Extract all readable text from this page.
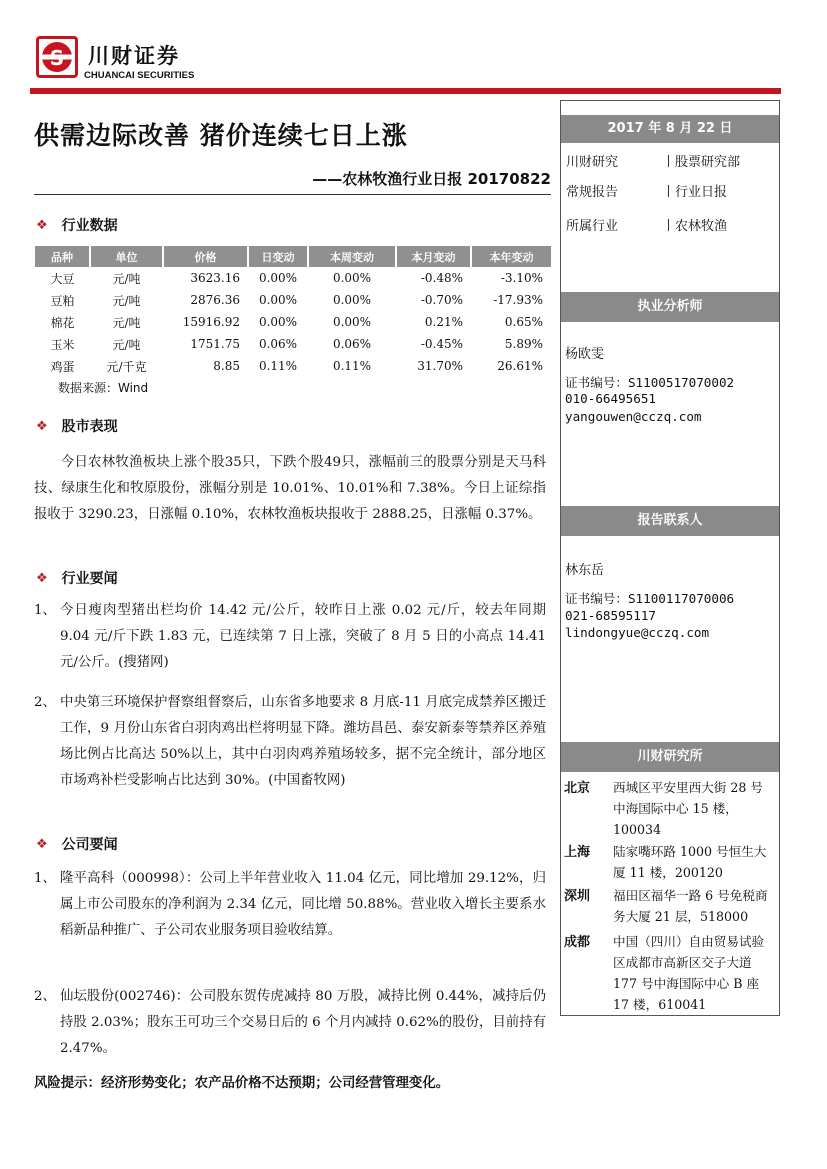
S 川财证券
CHUANCAI SECURITIES
供需边际改善 猪价连续七日上涨
——农林牧渔行业日报 20170822
❖ 行业数据
品种	单位	价格	日变动	本周变动	本月变动	本年变动
大豆	元/吨	3623.16	0.00%	0.00%	-0.48%	-3.10%
豆粕	元/吨	2876.36	0.00%	0.00%	-0.70%	-17.93%
棉花	元/吨	15916.92	0.00%	0.00%	0.21%	0.65%
玉米	元/吨	1751.75	0.06%	0.06%	-0.45%	5.89%
鸡蛋	元/千克	8.85	0.11%	0.11%	31.70%	26.61%
数据来源：Wind
❖ 股市表现
今日农林牧渔板块上涨个股35只，下跌个股49只，涨幅前三的股票分别是天马科技、绿康生化和牧原股份，涨幅分别是 10.01%、10.01%和 7.38%。今日上证综指报收于 3290.23，日涨幅 0.10%，农林牧渔板块报收于 2888.25，日涨幅 0.37%。
❖ 行业要闻
1、 今日瘦肉型猪出栏均价 14.42 元/公斤，较昨日上涨 0.02 元/斤，较去年同期 9.04 元/斤下跌 1.83 元，已连续第 7 日上涨，突破了 8 月 5 日的小高点 14.41 元/公斤。(搜猪网)
2、 中央第三环境保护督察组督察后，山东省多地要求 8 月底-11 月底完成禁养区搬迁工作，9 月份山东省白羽肉鸡出栏将明显下降。潍坊昌邑、泰安新泰等禁养区养殖场比例占比高达 50%以上，其中白羽肉鸡养殖场较多，据不完全统计，部分地区市场鸡补栏受影响占比达到 30%。(中国畜牧网)
❖ 公司要闻
1、 隆平高科（000998）：公司上半年营业收入 11.04 亿元，同比增加 29.12%，归属上市公司股东的净利润为 2.34 亿元，同比增 50.88%。营业收入增长主要系水稻新品种推广、子公司农业服务项目验收结算。
2、 仙坛股份(002746)：公司股东贺传虎减持 80 万股，减持比例 0.44%，减持后仍持股 2.03%；股东王可功三个交易日后的 6 个月内减持 0.62%的股份，目前持有 2.47%。
风险提示：经济形势变化；农产品价格不达预期；公司经营管理变化。
2017 年 8 月 22 日
川财研究	丨股票研究部
常规报告	丨行业日报
所属行业	丨农林牧渔
执业分析师
杨欧雯
证书编号：S1100517070002
010-66495651
yangouwen@cczq.com
报告联系人
林东岳
证书编号：S1100117070006
021-68595117
lindongyue@cczq.com
川财研究所
北京 西城区平安里西大街 28 号中海国际中心 15 楼，100034
上海 陆家嘴环路 1000 号恒生大厦 11 楼，200120
深圳 福田区福华一路 6 号免税商务大厦 21 层，518000
成都 中国（四川）自由贸易试验区成都市高新区交子大道 177 号中海国际中心 B 座 17 楼，610041
